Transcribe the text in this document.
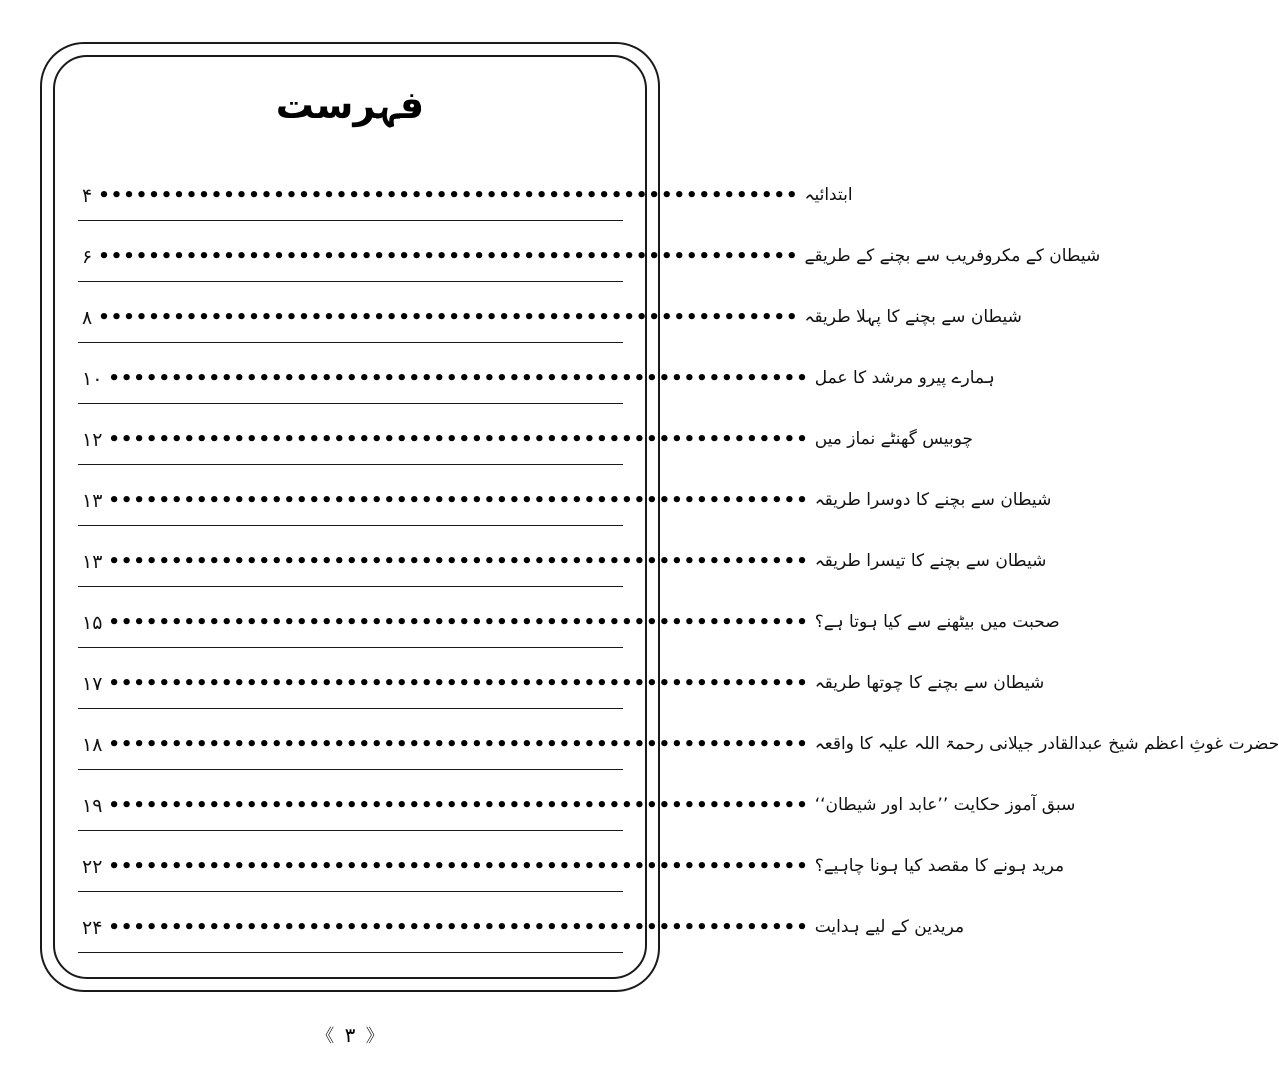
فہرست
۴ •••••••••••••••••••••••••••••••••••••••••••••••••••••••• ابتدائیہ
۶ •••••••••••••••••••••••••••••••••••••••••••••••••••••••• شیطان کے مکروفریب سے بچنے کے طریقے
۸ •••••••••••••••••••••••••••••••••••••••••••••••••••••••• شیطان سے بچنے کا پہلا طریقہ
۱۰ •••••••••••••••••••••••••••••••••••••••••••••••••••••••• ہمارے پیرو مرشد کا عمل
۱۲ •••••••••••••••••••••••••••••••••••••••••••••••••••••••• چوبیس گھنٹے نماز میں
۱۳ •••••••••••••••••••••••••••••••••••••••••••••••••••••••• شیطان سے بچنے کا دوسرا طریقہ
۱۳ •••••••••••••••••••••••••••••••••••••••••••••••••••••••• شیطان سے بچنے کا تیسرا طریقہ
۱۵ •••••••••••••••••••••••••••••••••••••••••••••••••••••••• صحبت میں بیٹھنے سے کیا ہوتا ہے؟
۱۷ •••••••••••••••••••••••••••••••••••••••••••••••••••••••• شیطان سے بچنے کا چوتھا طریقہ
۱۸ •••••••••••••••••••••••••••••••••••••••••••••••••••••••• حضرت غوثِ اعظم شیخ عبدالقادر جیلانی رحمۃ اللہ علیہ کا واقعہ
۱۹ •••••••••••••••••••••••••••••••••••••••••••••••••••••••• سبق آموز حکایت ’’عابد اور شیطان‘‘
۲۲ •••••••••••••••••••••••••••••••••••••••••••••••••••••••• مرید ہونے کا مقصد کیا ہونا چاہیے؟
۲۴ •••••••••••••••••••••••••••••••••••••••••••••••••••••••• مریدین کے لیے ہدایت
《 ۳ 》
